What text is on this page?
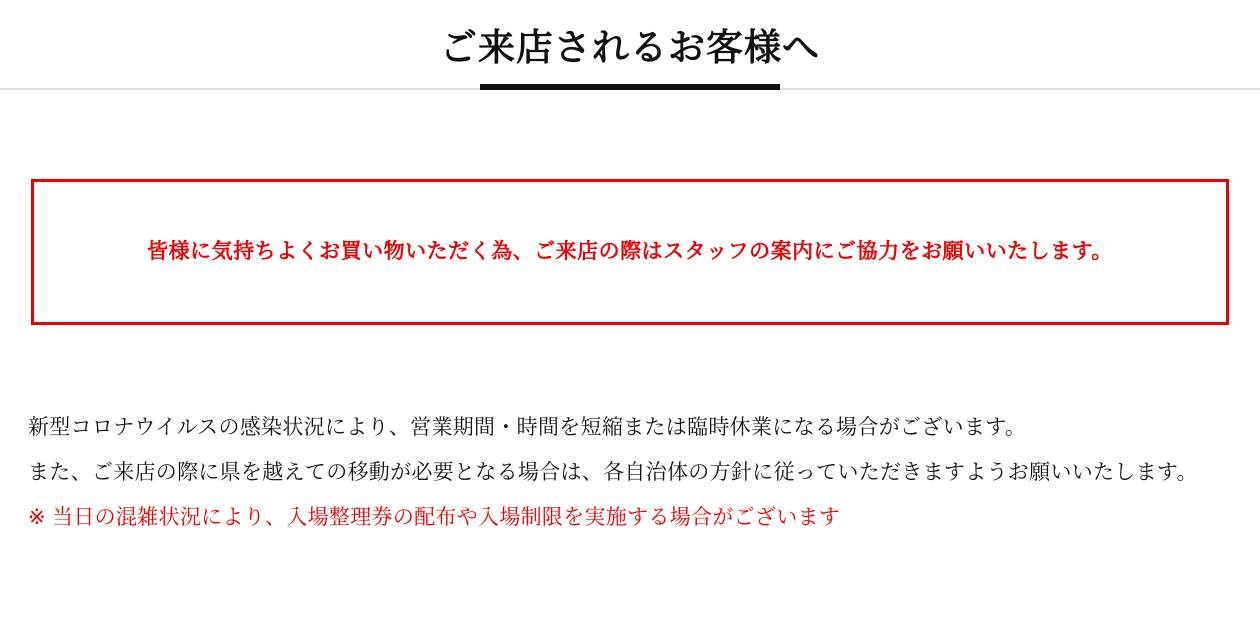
ご来店されるお客様へ
皆様に気持ちよくお買い物いただく為、ご来店の際はスタッフの案内にご協力をお願いいたします。
新型コロナウイルスの感染状況により、営業期間・時間を短縮または臨時休業になる場合がございます。
また、ご来店の際に県を越えての移動が必要となる場合は、各自治体の方針に従っていただきますようお願いいたします。
※ 当日の混雑状況により、入場整理券の配布や入場制限を実施する場合がございます
